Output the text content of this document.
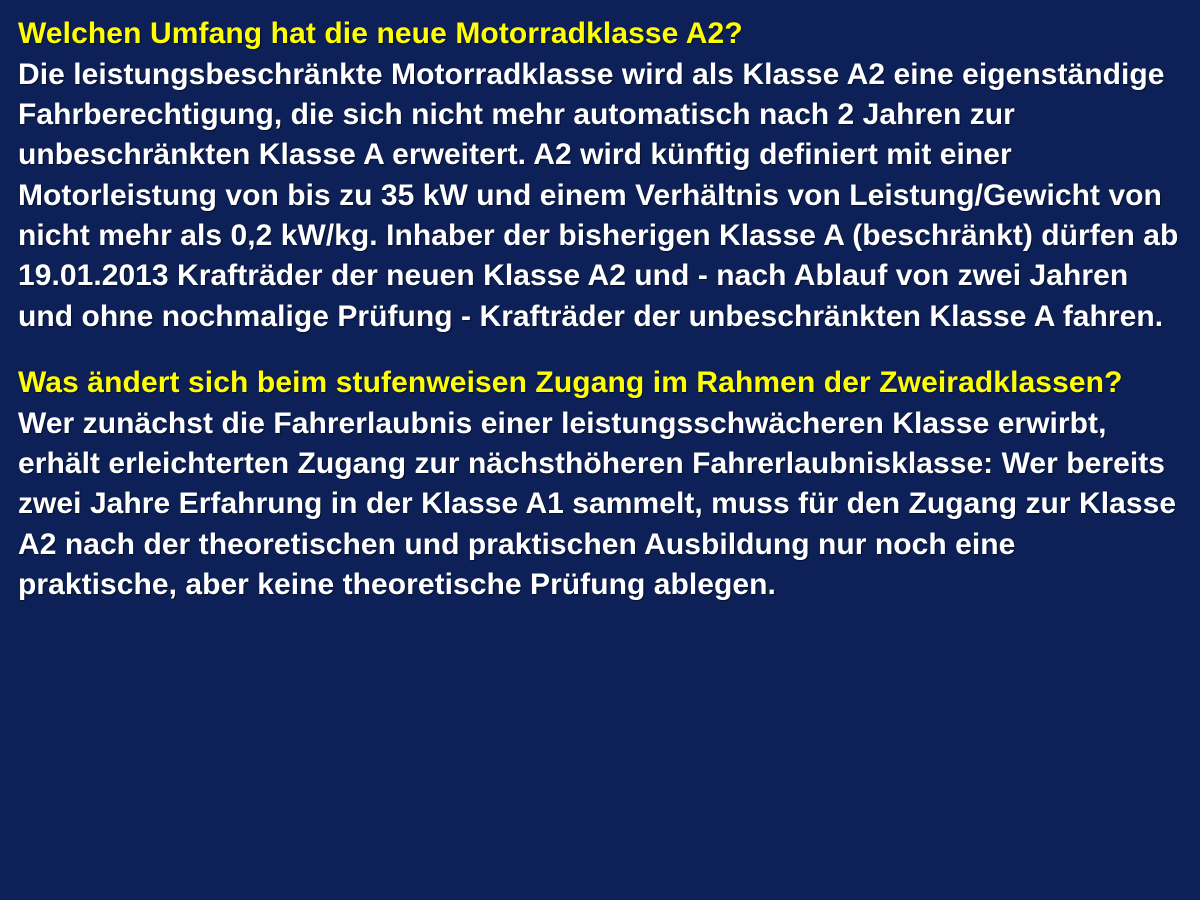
Welchen Umfang hat die neue Motorradklasse A2?

Die leistungsbeschränkte Motorradklasse wird als Klasse A2 eine eigenständige Fahrberechtigung, die sich nicht mehr automatisch nach 2 Jahren zur unbeschränkten Klasse A erweitert. A2 wird künftig definiert mit einer Motorleistung von bis zu 35 kW und einem Verhältnis von Leistung/Gewicht von nicht mehr als 0,2 kW/kg. Inhaber der bisherigen Klasse A (beschränkt) dürfen ab 19.01.2013 Krafträder der neuen Klasse A2 und - nach Ablauf von zwei Jahren und ohne nochmalige Prüfung - Krafträder der unbeschränkten Klasse A fahren.

Was ändert sich beim stufenweisen Zugang im Rahmen der Zweiradklassen?

Wer zunächst die Fahrerlaubnis einer leistungsschwächeren Klasse erwirbt, erhält erleichterten Zugang zur nächsthöheren Fahrerlaubnisklasse: Wer bereits zwei Jahre Erfahrung in der Klasse A1 sammelt, muss für den Zugang zur Klasse A2 nach der theoretischen und praktischen Ausbildung nur noch eine praktische, aber keine theoretische Prüfung ablegen.
